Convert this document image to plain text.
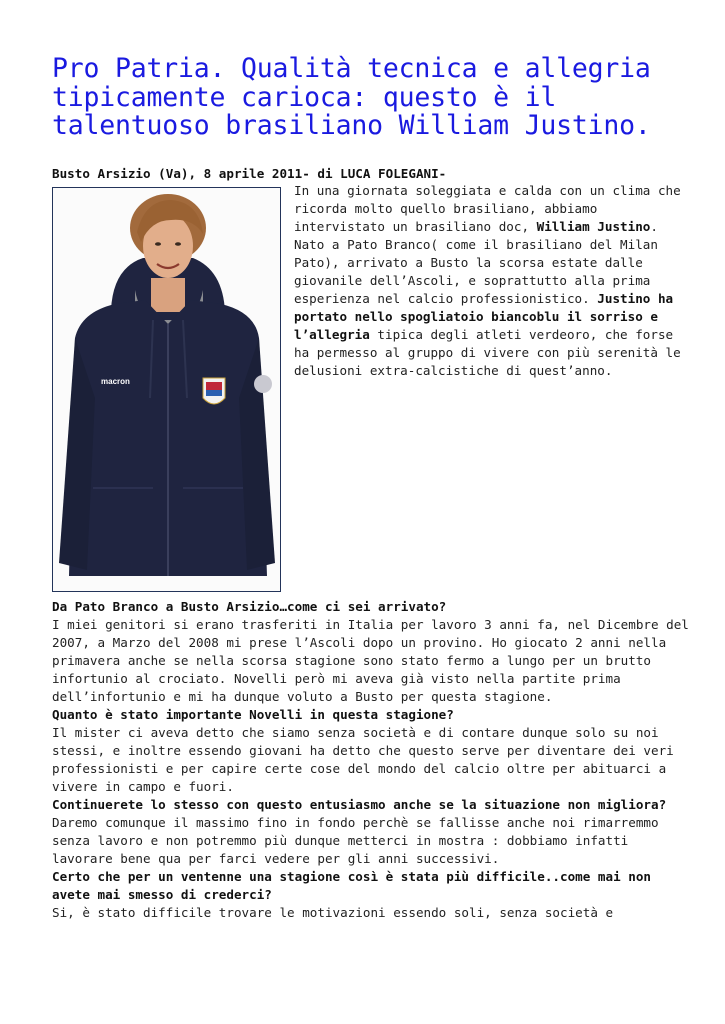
Pro Patria. Qualità tecnica e allegria tipicamente carioca: questo è il talentuoso brasiliano William Justino.

Busto Arsizio (Va), 8 aprile 2011- di LUCA FOLEGANI-

macron

In una giornata soleggiata e calda con un clima che ricorda molto quello brasiliano, abbiamo intervistato un brasiliano doc, William Justino. Nato a Pato Branco( come il brasiliano del Milan Pato), arrivato a Busto la scorsa estate dalle giovanile dell’Ascoli, e soprattutto alla prima esperienza nel calcio professionistico. Justino ha portato nello spogliatoio biancoblu il sorriso e l’allegria tipica degli atleti verdeoro, che forse ha permesso al gruppo di vivere con più serenità le delusioni extra-calcistiche di quest’anno.

Da Pato Branco a Busto Arsizio…come ci sei arrivato?

I miei genitori si erano trasferiti in Italia per lavoro 3 anni fa, nel Dicembre del 2007, a Marzo del 2008 mi prese l’Ascoli dopo un provino. Ho giocato 2 anni nella primavera anche se nella scorsa stagione sono stato fermo a lungo per un brutto infortunio al crociato. Novelli però mi aveva già visto nella partite prima dell’infortunio e mi ha dunque voluto a Busto per questa stagione.

Quanto è stato importante Novelli in questa stagione?

Il mister ci aveva detto che siamo senza società e di contare dunque solo su noi stessi, e inoltre essendo giovani ha detto che questo serve per diventare dei veri professionisti e per capire certe cose del mondo del calcio oltre per abituarci a vivere in campo e fuori.

Continuerete lo stesso con questo entusiasmo anche se la situazione non migliora?

Daremo comunque il massimo fino in fondo perchè se fallisse anche noi rimarremmo senza lavoro e non potremmo più dunque metterci in mostra : dobbiamo infatti lavorare bene qua per farci vedere per gli anni successivi.

Certo che per un ventenne una stagione così è stata più difficile..come mai non avete mai smesso di crederci?

Si, è stato difficile trovare le motivazioni essendo soli, senza società e
